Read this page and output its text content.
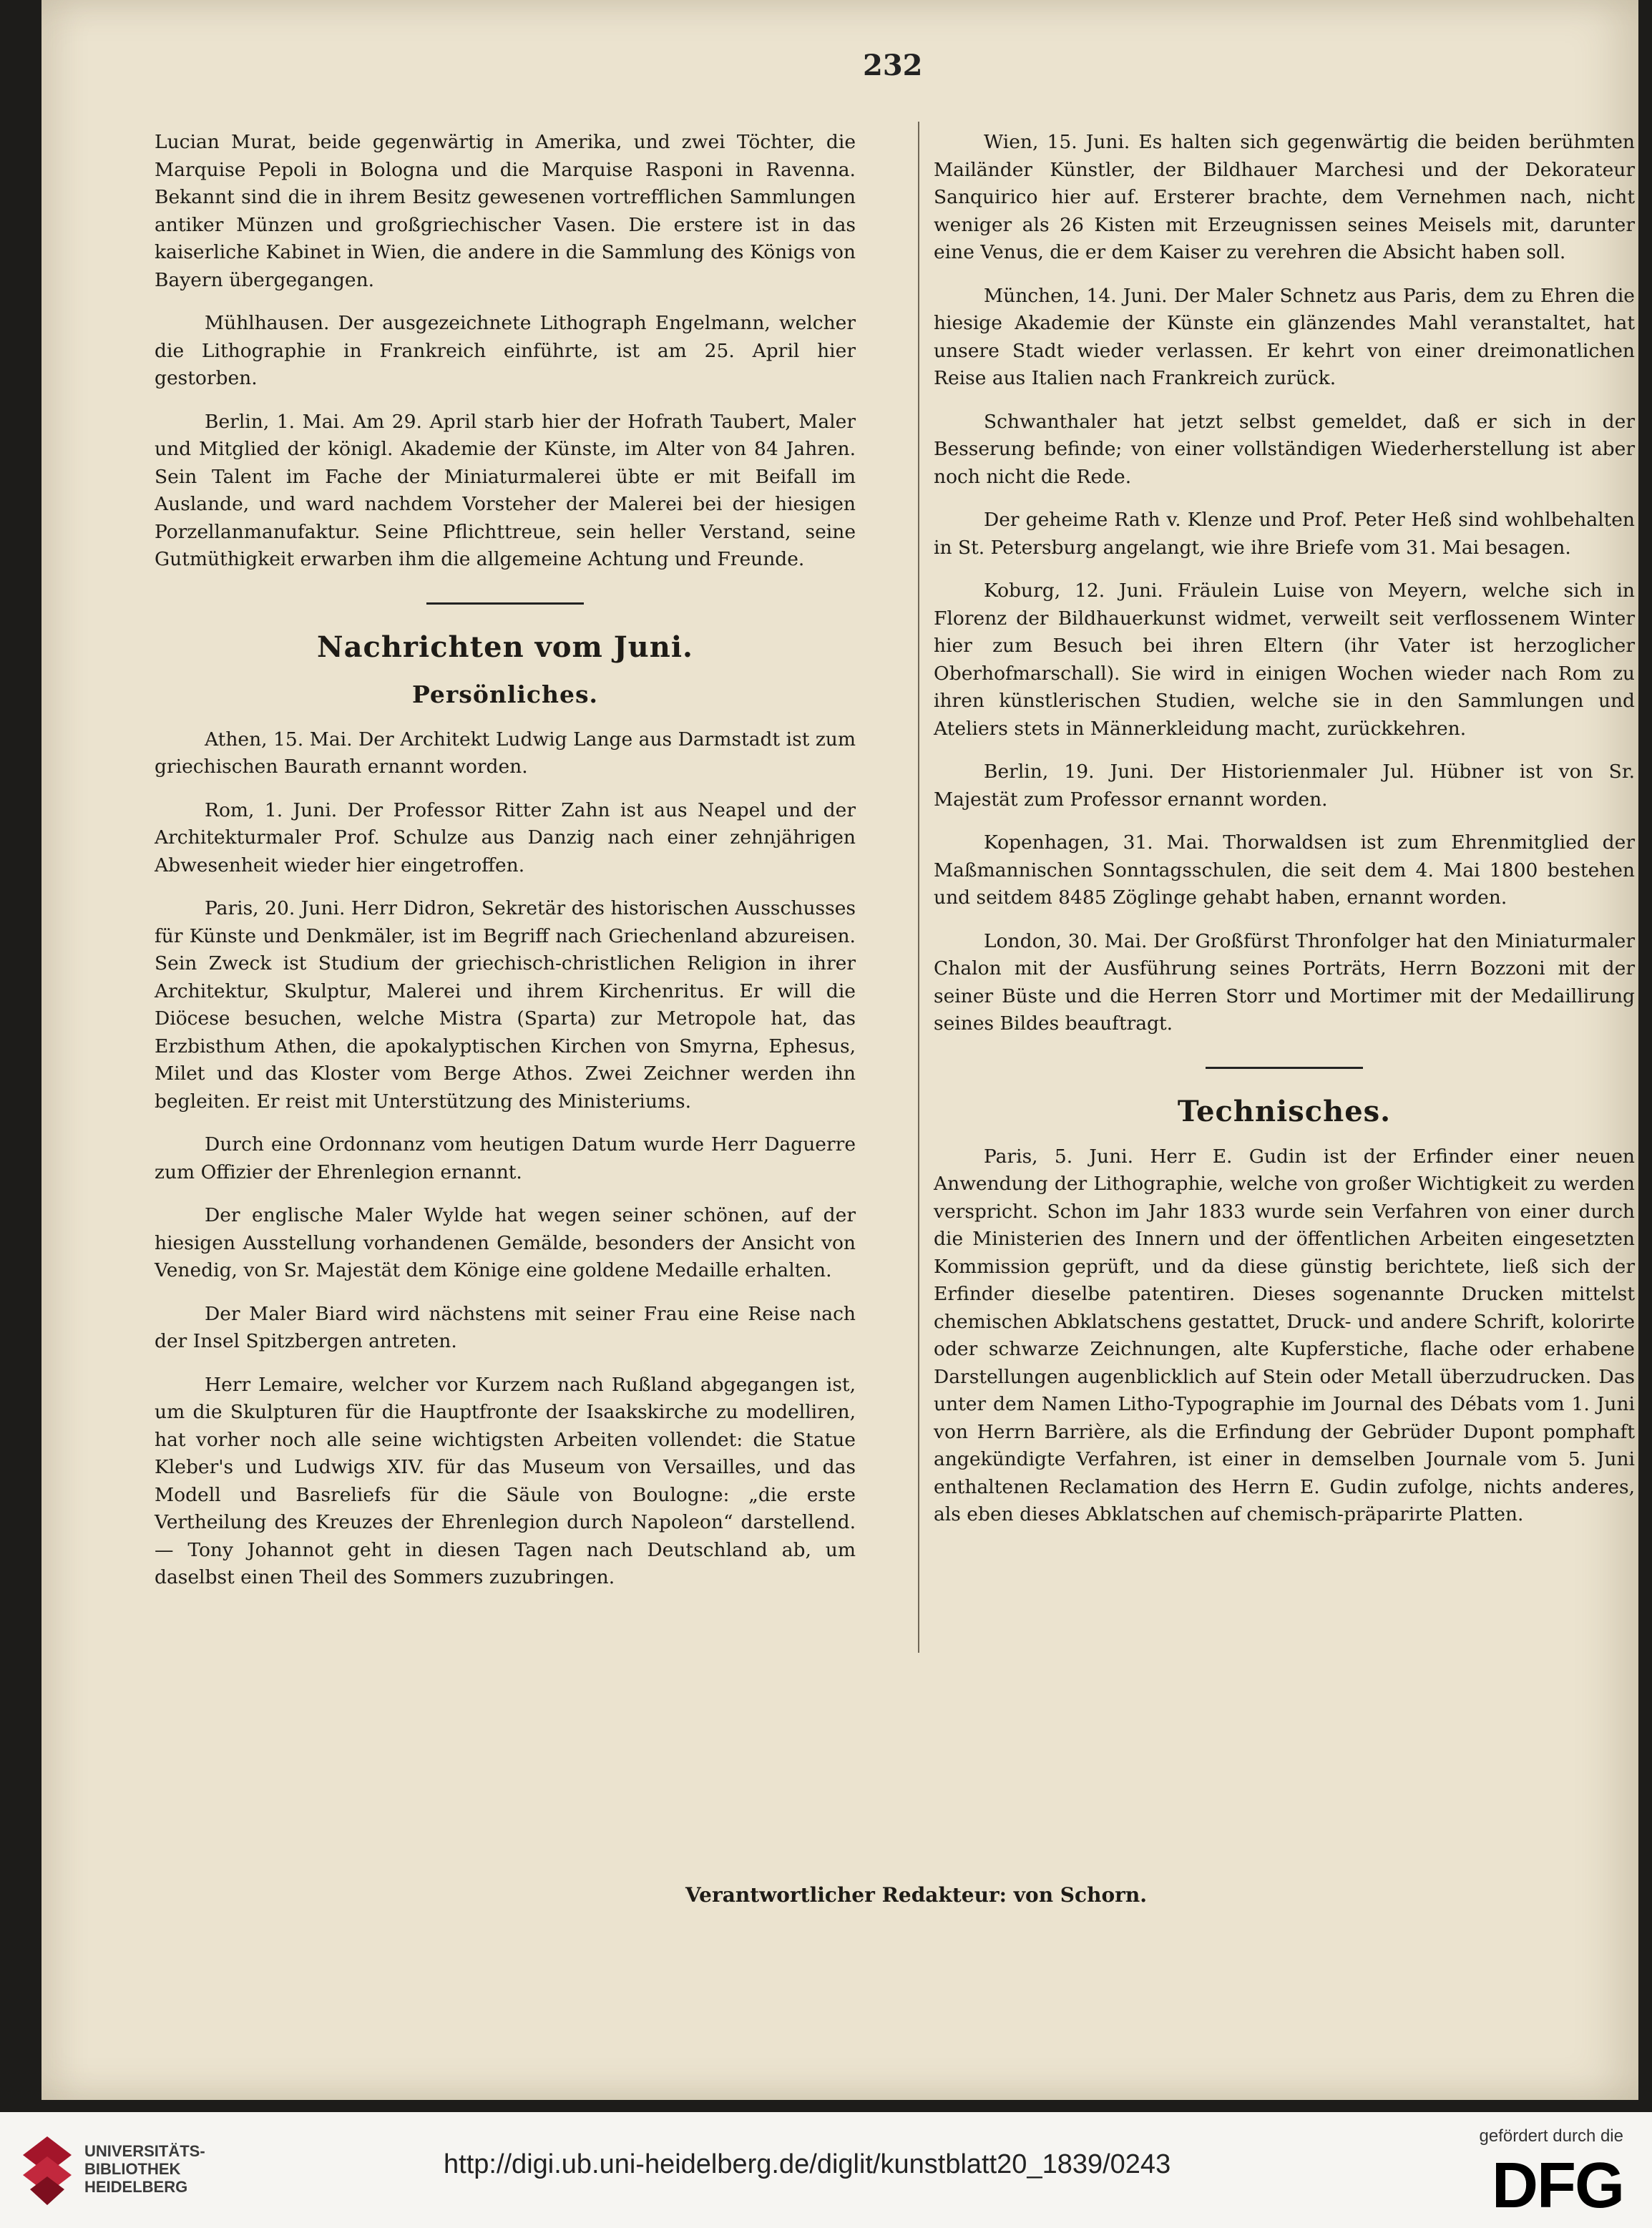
232

Lucian Murat, beide gegenwärtig in Amerika, und zwei Töchter, die Marquise Pepoli in Bologna und die Marquise Rasponi in Ravenna. Bekannt sind die in ihrem Besitz gewesenen vortrefflichen Sammlungen antiker Münzen und großgriechischer Vasen. Die erstere ist in das kaiserliche Kabinet in Wien, die andere in die Sammlung des Königs von Bayern übergegangen.

Mühlhausen. Der ausgezeichnete Lithograph Engelmann, welcher die Lithographie in Frankreich einführte, ist am 25. April hier gestorben.

Berlin, 1. Mai. Am 29. April starb hier der Hofrath Taubert, Maler und Mitglied der königl. Akademie der Künste, im Alter von 84 Jahren. Sein Talent im Fache der Miniaturmalerei übte er mit Beifall im Auslande, und ward nachdem Vorsteher der Malerei bei der hiesigen Porzellanmanufaktur. Seine Pflichttreue, sein heller Verstand, seine Gutmüthigkeit erwarben ihm die allgemeine Achtung und Freunde.

Nachrichten vom Juni.
Persönliches.

Athen, 15. Mai. Der Architekt Ludwig Lange aus Darmstadt ist zum griechischen Baurath ernannt worden.

Rom, 1. Juni. Der Professor Ritter Zahn ist aus Neapel und der Architekturmaler Prof. Schulze aus Danzig nach einer zehnjährigen Abwesenheit wieder hier eingetroffen.

Paris, 20. Juni. Herr Didron, Sekretär des historischen Ausschusses für Künste und Denkmäler, ist im Begriff nach Griechenland abzureisen. Sein Zweck ist Studium der griechisch-christlichen Religion in ihrer Architektur, Skulptur, Malerei und ihrem Kirchenritus. Er will die Diöcese besuchen, welche Mistra (Sparta) zur Metropole hat, das Erzbisthum Athen, die apokalyptischen Kirchen von Smyrna, Ephesus, Milet und das Kloster vom Berge Athos. Zwei Zeichner werden ihn begleiten. Er reist mit Unterstützung des Ministeriums.

Durch eine Ordonnanz vom heutigen Datum wurde Herr Daguerre zum Offizier der Ehrenlegion ernannt.

Der englische Maler Wylde hat wegen seiner schönen, auf der hiesigen Ausstellung vorhandenen Gemälde, besonders der Ansicht von Venedig, von Sr. Majestät dem Könige eine goldene Medaille erhalten.

Der Maler Biard wird nächstens mit seiner Frau eine Reise nach der Insel Spitzbergen antreten.

Herr Lemaire, welcher vor Kurzem nach Rußland abgegangen ist, um die Skulpturen für die Hauptfronte der Isaakskirche zu modelliren, hat vorher noch alle seine wichtigsten Arbeiten vollendet: die Statue Kleber's und Ludwigs XIV. für das Museum von Versailles, und das Modell und Basreliefs für die Säule von Boulogne: „die erste Vertheilung des Kreuzes der Ehrenlegion durch Napoleon“ darstellend. — Tony Johannot geht in diesen Tagen nach Deutschland ab, um daselbst einen Theil des Sommers zuzubringen.

Wien, 15. Juni. Es halten sich gegenwärtig die beiden berühmten Mailänder Künstler, der Bildhauer Marchesi und der Dekorateur Sanquirico hier auf. Ersterer brachte, dem Vernehmen nach, nicht weniger als 26 Kisten mit Erzeugnissen seines Meisels mit, darunter eine Venus, die er dem Kaiser zu verehren die Absicht haben soll.

München, 14. Juni. Der Maler Schnetz aus Paris, dem zu Ehren die hiesige Akademie der Künste ein glänzendes Mahl veranstaltet, hat unsere Stadt wieder verlassen. Er kehrt von einer dreimonatlichen Reise aus Italien nach Frankreich zurück.

Schwanthaler hat jetzt selbst gemeldet, daß er sich in der Besserung befinde; von einer vollständigen Wiederherstellung ist aber noch nicht die Rede.

Der geheime Rath v. Klenze und Prof. Peter Heß sind wohlbehalten in St. Petersburg angelangt, wie ihre Briefe vom 31. Mai besagen.

Koburg, 12. Juni. Fräulein Luise von Meyern, welche sich in Florenz der Bildhauerkunst widmet, verweilt seit verflossenem Winter hier zum Besuch bei ihren Eltern (ihr Vater ist herzoglicher Oberhofmarschall). Sie wird in einigen Wochen wieder nach Rom zu ihren künstlerischen Studien, welche sie in den Sammlungen und Ateliers stets in Männerkleidung macht, zurückkehren.

Berlin, 19. Juni. Der Historienmaler Jul. Hübner ist von Sr. Majestät zum Professor ernannt worden.

Kopenhagen, 31. Mai. Thorwaldsen ist zum Ehrenmitglied der Maßmannischen Sonntagsschulen, die seit dem 4. Mai 1800 bestehen und seitdem 8485 Zöglinge gehabt haben, ernannt worden.

London, 30. Mai. Der Großfürst Thronfolger hat den Miniaturmaler Chalon mit der Ausführung seines Porträts, Herrn Bozzoni mit der seiner Büste und die Herren Storr und Mortimer mit der Medaillirung seines Bildes beauftragt.

Technisches.

Paris, 5. Juni. Herr E. Gudin ist der Erfinder einer neuen Anwendung der Lithographie, welche von großer Wichtigkeit zu werden verspricht. Schon im Jahr 1833 wurde sein Verfahren von einer durch die Ministerien des Innern und der öffentlichen Arbeiten eingesetzten Kommission geprüft, und da diese günstig berichtete, ließ sich der Erfinder dieselbe patentiren. Dieses sogenannte Drucken mittelst chemischen Abklatschens gestattet, Druck- und andere Schrift, kolorirte oder schwarze Zeichnungen, alte Kupferstiche, flache oder erhabene Darstellungen augenblicklich auf Stein oder Metall überzudrucken. Das unter dem Namen Litho-Typographie im Journal des Débats vom 1. Juni von Herrn Barrière, als die Erfindung der Gebrüder Dupont pomphaft angekündigte Verfahren, ist einer in demselben Journale vom 5. Juni enthaltenen Reclamation des Herrn E. Gudin zufolge, nichts anderes, als eben dieses Abklatschen auf chemisch-präparirte Platten.

Verantwortlicher Redakteur: von Schorn.
UNIVERSITÄTS-
BIBLIOTHEK
HEIDELBERG
http://digi.ub.uni-heidelberg.de/diglit/kunstblatt20_1839/0243
gefördert durch die
DFG
